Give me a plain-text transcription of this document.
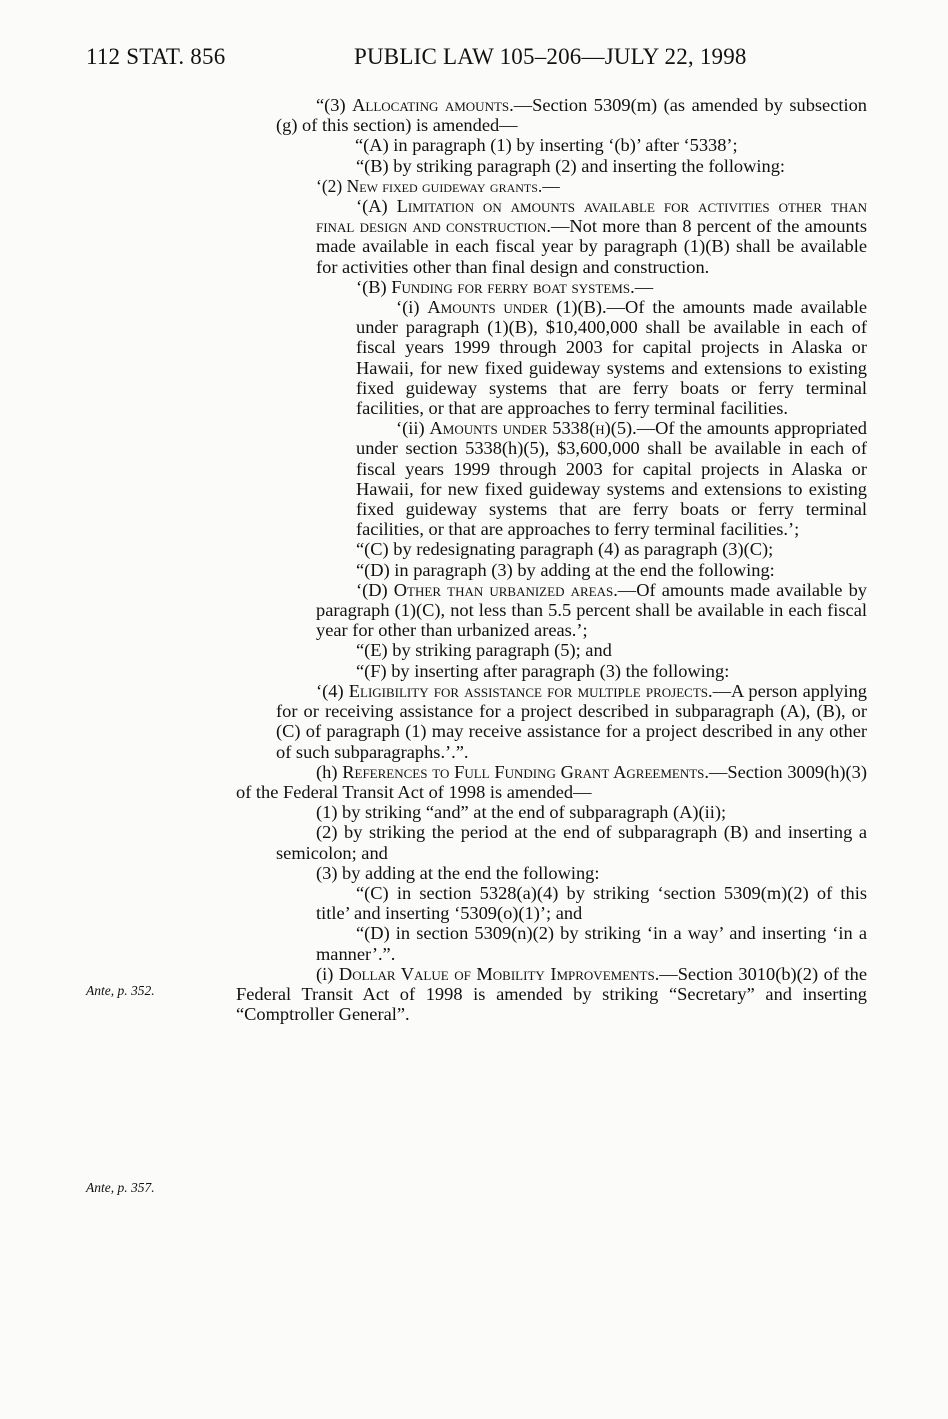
112 STAT. 856	PUBLIC LAW 105–206—JULY 22, 1998
Ante, p. 352.
Ante, p. 357.

“(3) Allocating amounts.—Section 5309(m) (as amended by subsection (g) of this section) is amended—

“(A) in paragraph (1) by inserting ‘(b)’ after ‘5338’;

“(B) by striking paragraph (2) and inserting the following:

‘(2) New fixed guideway grants.—

‘(A) Limitation on amounts available for activities other than final design and construction.—Not more than 8 percent of the amounts made available in each fiscal year by paragraph (1)(B) shall be available for activities other than final design and construction.

‘(B) Funding for ferry boat systems.—

‘(i) Amounts under (1)(B).—Of the amounts made available under paragraph (1)(B), $10,400,000 shall be available in each of fiscal years 1999 through 2003 for capital projects in Alaska or Hawaii, for new fixed guideway systems and extensions to existing fixed guideway systems that are ferry boats or ferry terminal facilities, or that are approaches to ferry terminal facilities.

‘(ii) Amounts under 5338(h)(5).—Of the amounts appropriated under section 5338(h)(5), $3,600,000 shall be available in each of fiscal years 1999 through 2003 for capital projects in Alaska or Hawaii, for new fixed guideway systems and extensions to existing fixed guideway systems that are ferry boats or ferry terminal facilities, or that are approaches to ferry terminal facilities.’;

“(C) by redesignating paragraph (4) as paragraph (3)(C);

“(D) in paragraph (3) by adding at the end the following:

‘(D) Other than urbanized areas.—Of amounts made available by paragraph (1)(C), not less than 5.5 percent shall be available in each fiscal year for other than urbanized areas.’;

“(E) by striking paragraph (5); and

“(F) by inserting after paragraph (3) the following:

‘(4) Eligibility for assistance for multiple projects.—A person applying for or receiving assistance for a project described in subparagraph (A), (B), or (C) of paragraph (1) may receive assistance for a project described in any other of such subparagraphs.’.”.

(h) References to Full Funding Grant Agreements.—Section 3009(h)(3) of the Federal Transit Act of 1998 is amended—

(1) by striking “and” at the end of subparagraph (A)(ii);

(2) by striking the period at the end of subparagraph (B) and inserting a semicolon; and

(3) by adding at the end the following:

“(C) in section 5328(a)(4) by striking ‘section 5309(m)(2) of this title’ and inserting ‘5309(o)(1)’; and

“(D) in section 5309(n)(2) by striking ‘in a way’ and inserting ‘in a manner’.”.

(i) Dollar Value of Mobility Improvements.—Section 3010(b)(2) of the Federal Transit Act of 1998 is amended by striking “Secretary” and inserting “Comptroller General”.
